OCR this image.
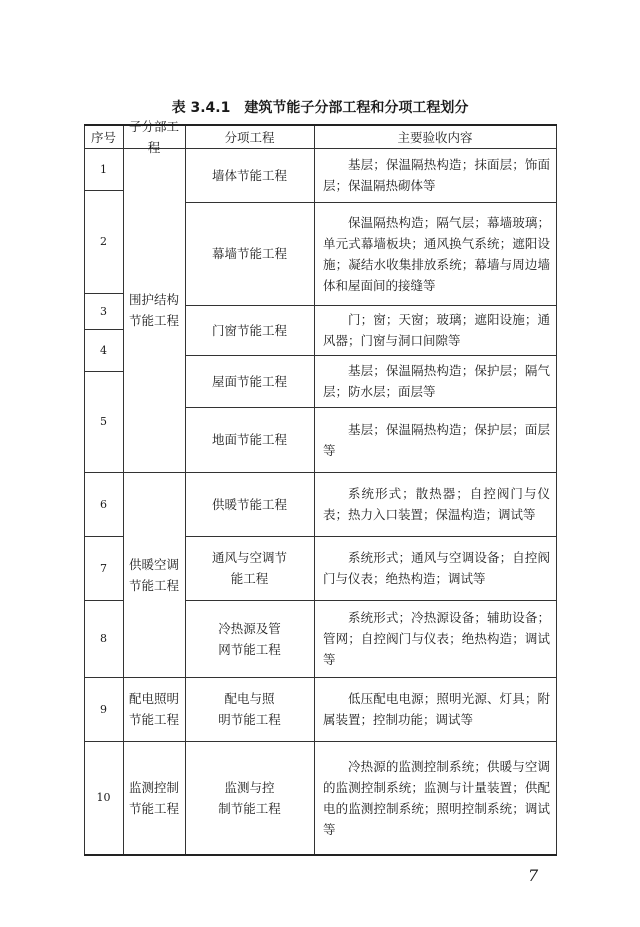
表 3.4.1 建筑节能子分部工程和分项工程划分
序号
子分部工程
分项工程	主要验收内容
1
2
3
4
5
6
7
8
9
10
围护结构
节能工程
供暖空调
节能工程
配电照明
节能工程
监测控制
节能工程
墙体节能工程
幕墙节能工程
门窗节能工程
屋面节能工程
地面节能工程
供暖节能工程
通风与空调节
能工程
冷热源及管
网节能工程
配电与照
明节能工程
监测与控
制节能工程
基层；保温隔热构造；抹面层；饰面层；保温隔热砌体等
保温隔热构造；隔气层；幕墙玻璃；单元式幕墙板块；通风换气系统；遮阳设施；凝结水收集排放系统；幕墙与周边墙体和屋面间的接缝等
门；窗；天窗；玻璃；遮阳设施；通风器；门窗与洞口间隙等
基层；保温隔热构造；保护层；隔气层；防水层；面层等
基层；保温隔热构造；保护层；面层等
系统形式；散热器；自控阀门与仪表；热力入口装置；保温构造；调试等
系统形式；通风与空调设备；自控阀门与仪表；绝热构造；调试等
系统形式；冷热源设备；辅助设备；管网；自控阀门与仪表；绝热构造；调试等
低压配电电源；照明光源、灯具；附属装置；控制功能；调试等
冷热源的监测控制系统；供暖与空调的监测控制系统；监测与计量装置；供配电的监测控制系统；照明控制系统；调试等
7
